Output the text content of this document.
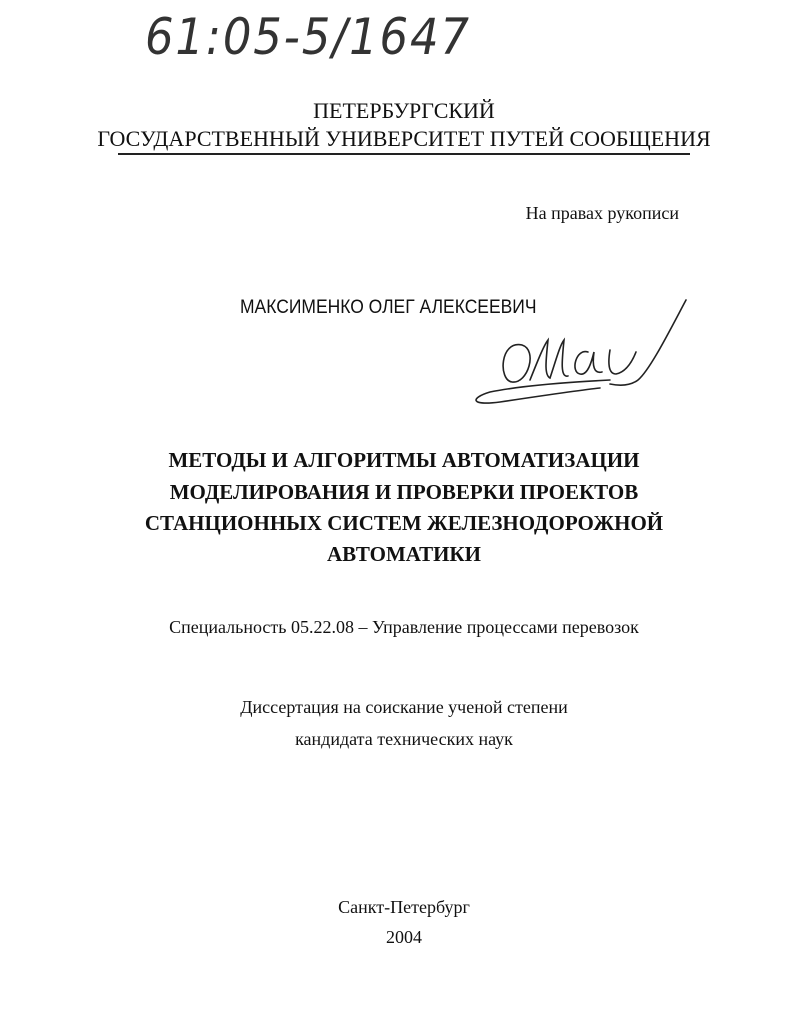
61:05-5/1647
ПЕТЕРБУРГСКИЙ
ГОСУДАРСТВЕННЫЙ УНИВЕРСИТЕТ ПУТЕЙ СООБЩЕНИЯ
На правах рукописи
МАКСИМЕНКО ОЛЕГ АЛЕКСЕЕВИЧ
МЕТОДЫ И АЛГОРИТМЫ АВТОМАТИЗАЦИИ
МОДЕЛИРОВАНИЯ И ПРОВЕРКИ ПРОЕКТОВ
СТАНЦИОННЫХ СИСТЕМ ЖЕЛЕЗНОДОРОЖНОЙ
АВТОМАТИКИ
Специальность 05.22.08 – Управление процессами перевозок
Диссертация на соискание ученой степени
кандидата технических наук
Санкт-Петербург
2004
